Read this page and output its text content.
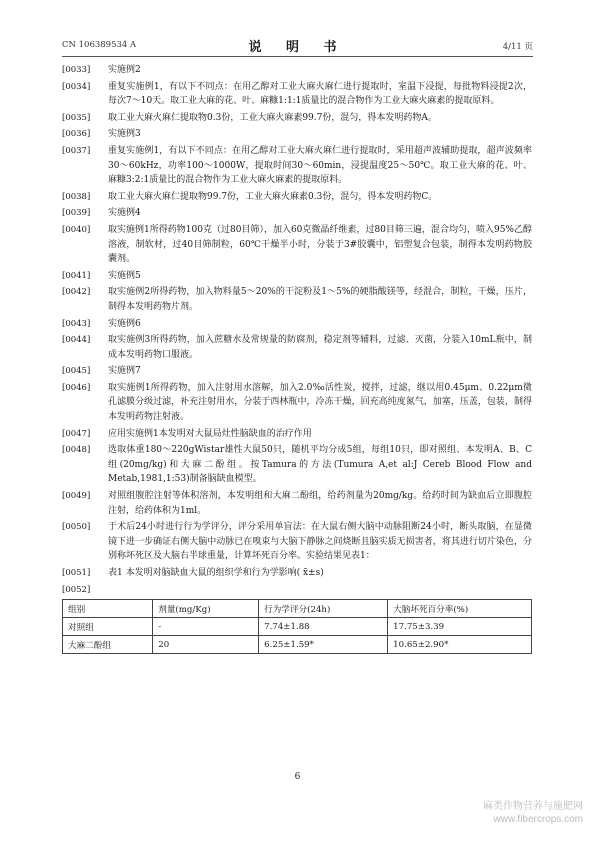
CN 106389534 A	说 明 书	4/11 页
[0033]	实施例2
[0034]	重复实施例1，有以下不同点：在用乙醇对工业大麻火麻仁进行提取时，室温下浸提，每批物料浸提2次，每次7～10天。取工业大麻的花、叶、麻糠1:1:1质量比的混合物作为工业大麻火麻素的提取原料。
[0035]	取工业大麻火麻仁提取物0.3份，工业大麻火麻素99.7份，混匀，得本发明药物A。
[0036]	实施例3
[0037]	重复实施例1，有以下不同点：在用乙醇对工业大麻火麻仁进行提取时，采用超声波辅助提取，超声波频率30～60kHz，功率100～1000W，提取时间30～60min，浸提温度25～50℃。取工业大麻的花、叶、麻糠3:2:1质量比的混合物作为工业大麻火麻素的提取原料。
[0038]	取工业大麻火麻仁提取物99.7份，工业大麻火麻素0.3份，混匀，得本发明药物C。
[0039]	实施例4
[0040]	取实施例1所得药物100克（过80目筛），加入60克微晶纤维素，过80目筛三遍，混合均匀，喷入95%乙醇溶液，制软材，过40目筛制粒，60℃干燥半小时，分装于3#胶囊中，铝塑复合包装，制得本发明药物胶囊剂。
[0041]	实施例5
[0042]	取实施例2所得药物，加入物料量5～20%的干淀粉及1～5%的硬脂酸镁等，经混合，制粒，干燥，压片，制得本发明药物片剂。
[0043]	实施例6
[0044]	取实施例3所得药物，加入蔗糖水及常规量的防腐剂，稳定剂等辅料，过滤、灭菌，分装入10mL瓶中，制成本发明药物口服液。
[0045]	实施例7
[0046]	取实施例1所得药物，加入注射用水溶解，加入2.0‰活性炭，搅拌，过滤，继以用0.45μm、0.22μm微孔滤膜分级过滤，补充注射用水，分装于西林瓶中，冷冻干燥，回充高纯度氮气，加塞，压盖，包装，制得本发明药物注射液。
[0047]	应用实施例1本发明对大鼠局灶性脑缺血的治疗作用
[0048]	选取体重180～220gWistar雄性大鼠50只，随机平均分成5组，每组10只，即对照组、本发明A、B、C组(20mg/kg)和大麻二酚组。按Tamura的方法(Tumura A,et al:J Cereb Blood Flow and Metab,1981,1:53)制备脑缺血模型。
[0049]	对照组腹腔注射等体积溶剂，本发明组和大麻二酚组，给药剂量为20mg/kg。给药时间为缺血后立即腹腔注射，给药体积为1ml。
[0050]	于术后24小时进行行为学评分，评分采用单盲法：在大鼠右侧大脑中动脉阻断24小时，断头取脑，在显微镜下进一步确证右侧大脑中动脉已在嗅束与大脑下静脉之间烧断且脑实质无损害者，将其进行切片染色，分别称坏死区及大脑右半球重量，计算坏死百分率。实验结果见表1：
[0051]	表1 本发明对脑缺血大鼠的组织学和行为学影响( x̄±s)
[0052]
组别	剂量(mg/Kg)	行为学评分(24h)	大脑坏死百分率(%)
对照组	-	7.74±1.88	17.75±3.39
大麻二酚组	20	6.25±1.59*	10.65±2.90*
6
麻类作物营养与施肥网
www.fibercrops.com
